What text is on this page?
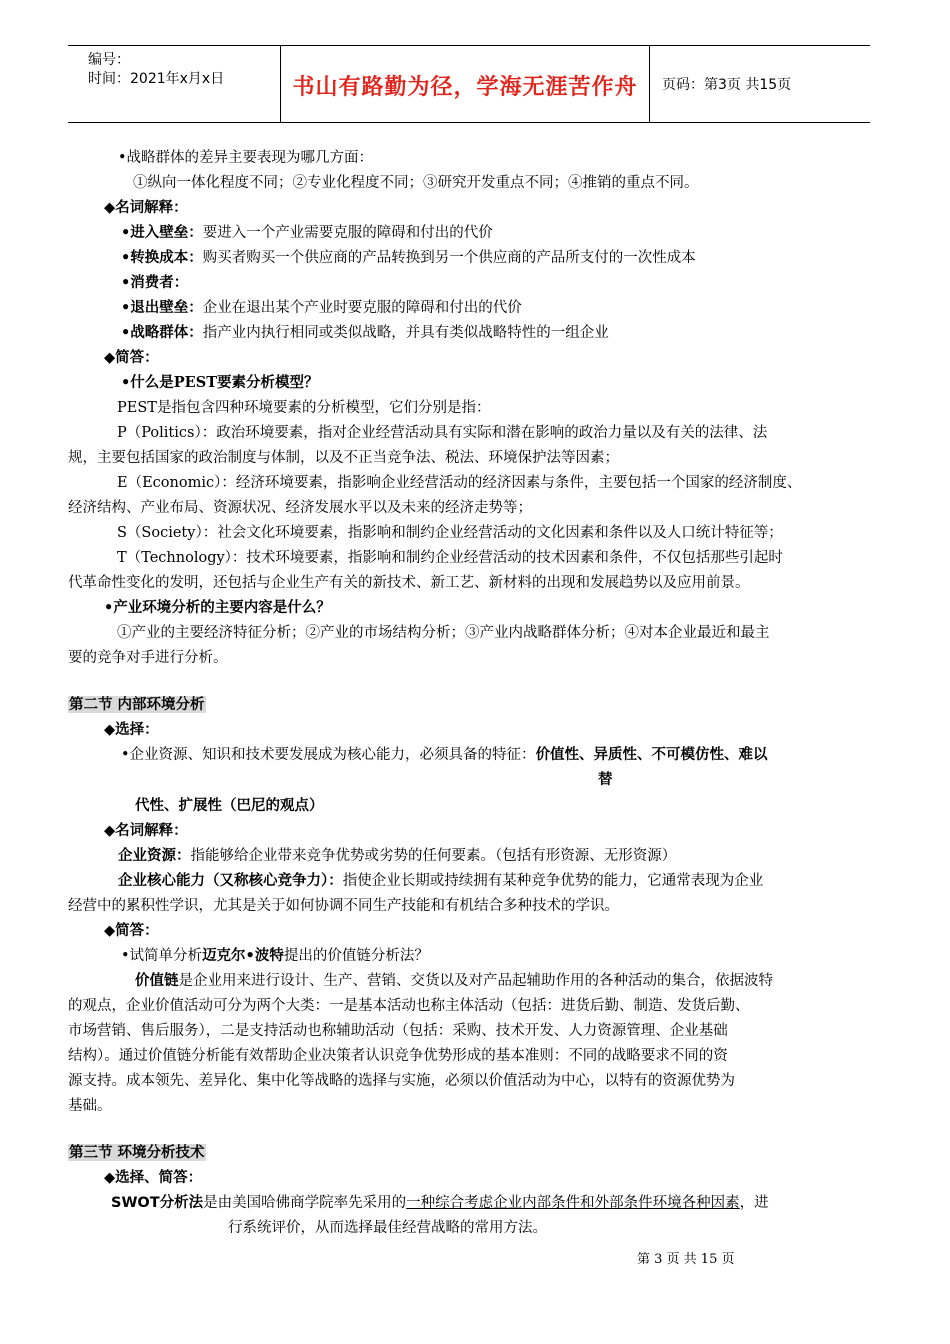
编号：
时间：2021年x月x日	书山有路勤为径，学海无涯苦作舟	页码：第3页 共15页
•战略群体的差异主要表现为哪几方面：
①纵向一体化程度不同；②专业化程度不同；③研究开发重点不同；④推销的重点不同。
◆名词解释：
•进入壁垒：要进入一个产业需要克服的障碍和付出的代价
•转换成本：购买者购买一个供应商的产品转换到另一个供应商的产品所支付的一次性成本
•消费者：
•退出壁垒：企业在退出某个产业时要克服的障碍和付出的代价
•战略群体：指产业内执行相同或类似战略，并具有类似战略特性的一组企业
◆简答：
•什么是PEST要素分析模型？
PEST是指包含四种环境要素的分析模型，它们分别是指：
P（Politics）：政治环境要素，指对企业经营活动具有实际和潜在影响的政治力量以及有关的法律、法
规，主要包括国家的政治制度与体制，以及不正当竞争法、税法、环境保护法等因素；
E（Economic）：经济环境要素，指影响企业经营活动的经济因素与条件，主要包括一个国家的经济制度、
经济结构、产业布局、资源状况、经济发展水平以及未来的经济走势等；
S（Society）：社会文化环境要素，指影响和制约企业经营活动的文化因素和条件以及人口统计特征等；
T（Technology）：技术环境要素，指影响和制约企业经营活动的技术因素和条件，不仅包括那些引起时
代革命性变化的发明，还包括与企业生产有关的新技术、新工艺、新材料的出现和发展趋势以及应用前景。
•产业环境分析的主要内容是什么？
①产业的主要经济特征分析；②产业的市场结构分析；③产业内战略群体分析；④对本企业最近和最主
要的竞争对手进行分析。
第二节 内部环境分析
◆选择：
•企业资源、知识和技术要发展成为核心能力，必须具备的特征：价值性、异质性、不可模仿性、难以
替
代性、扩展性（巴尼的观点）
◆名词解释：
企业资源：指能够给企业带来竞争优势或劣势的任何要素。（包括有形资源、无形资源）
企业核心能力（又称核心竞争力）：指使企业长期或持续拥有某种竞争优势的能力，它通常表现为企业
经营中的累积性学识，尤其是关于如何协调不同生产技能和有机结合多种技术的学识。
◆简答：
•试简单分析迈克尔•波特提出的价值链分析法？
价值链是企业用来进行设计、生产、营销、交货以及对产品起辅助作用的各种活动的集合，依据波特
的观点，企业价值活动可分为两个大类：一是基本活动也称主体活动（包括：进货后勤、制造、发货后勤、
市场营销、售后服务），二是支持活动也称辅助活动（包括：采购、技术开发、人力资源管理、企业基础
结构）。通过价值链分析能有效帮助企业决策者认识竞争优势形成的基本准则：不同的战略要求不同的资
源支持。成本领先、差异化、集中化等战略的选择与实施，必须以价值活动为中心，以特有的资源优势为
基础。
第三节 环境分析技术
◆选择、简答：
SWOT分析法是由美国哈佛商学院率先采用的一种综合考虑企业内部条件和外部条件环境各种因素，进
行系统评价，从而选择最佳经营战略的常用方法。
第 3 页 共 15 页
